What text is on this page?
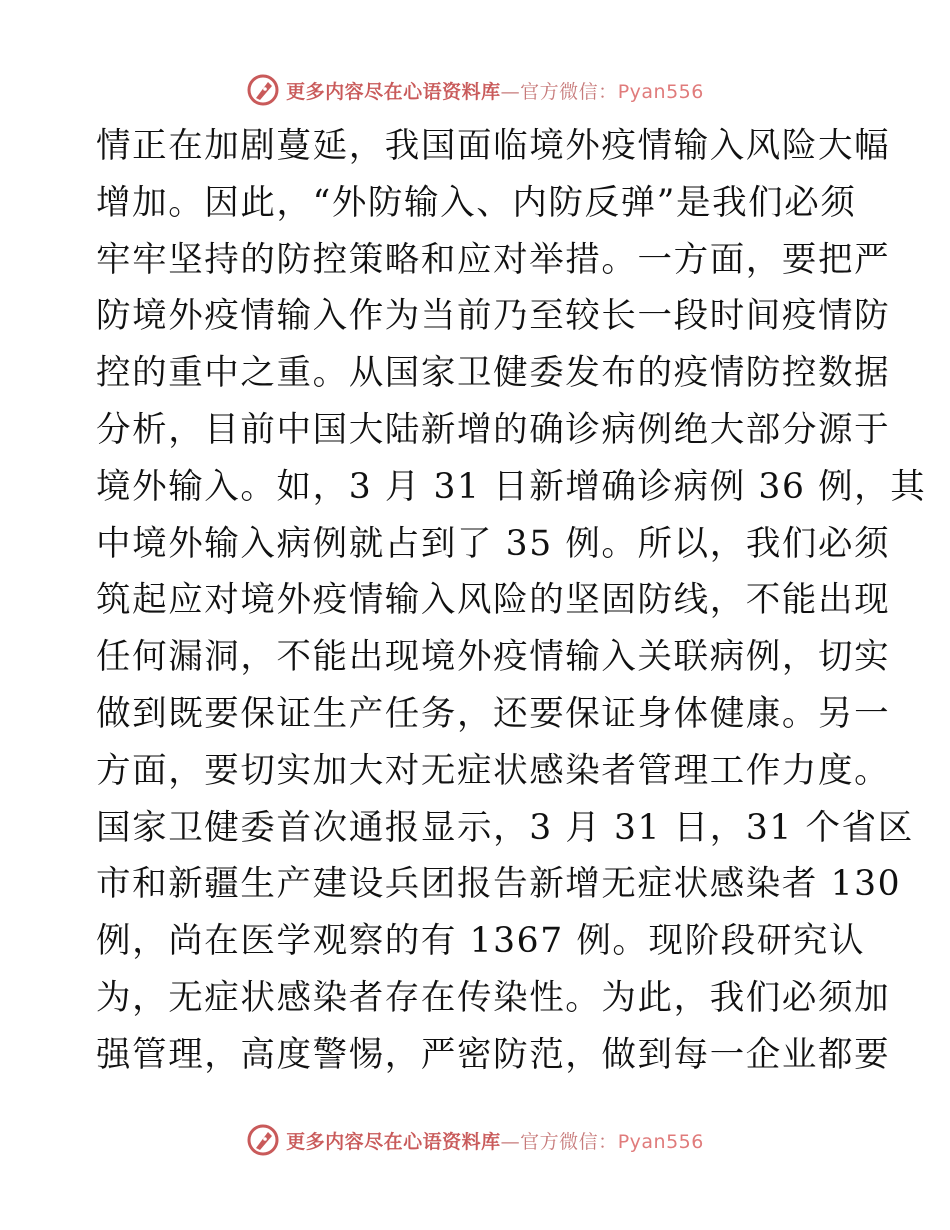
更多内容尽在心语资料库—官方微信：Pyan556
情正在加剧蔓延，我国面临境外疫情输入风险大幅
增加。因此，“外防输入、内防反弹”是我们必须
牢牢坚持的防控策略和应对举措。一方面，要把严
防境外疫情输入作为当前乃至较长一段时间疫情防
控的重中之重。从国家卫健委发布的疫情防控数据
分析，目前中国大陆新增的确诊病例绝大部分源于
境外输入。如，3 月 31 日新增确诊病例 36 例，其
中境外输入病例就占到了 35 例。所以，我们必须
筑起应对境外疫情输入风险的坚固防线，不能出现
任何漏洞，不能出现境外疫情输入关联病例，切实
做到既要保证生产任务，还要保证身体健康。另一
方面，要切实加大对无症状感染者管理工作力度。
国家卫健委首次通报显示，3 月 31 日，31 个省区
市和新疆生产建设兵团报告新增无症状感染者 130
例，尚在医学观察的有 1367 例。现阶段研究认
为，无症状感染者存在传染性。为此，我们必须加
强管理，高度警惕，严密防范，做到每一企业都要
更多内容尽在心语资料库—官方微信：Pyan556
